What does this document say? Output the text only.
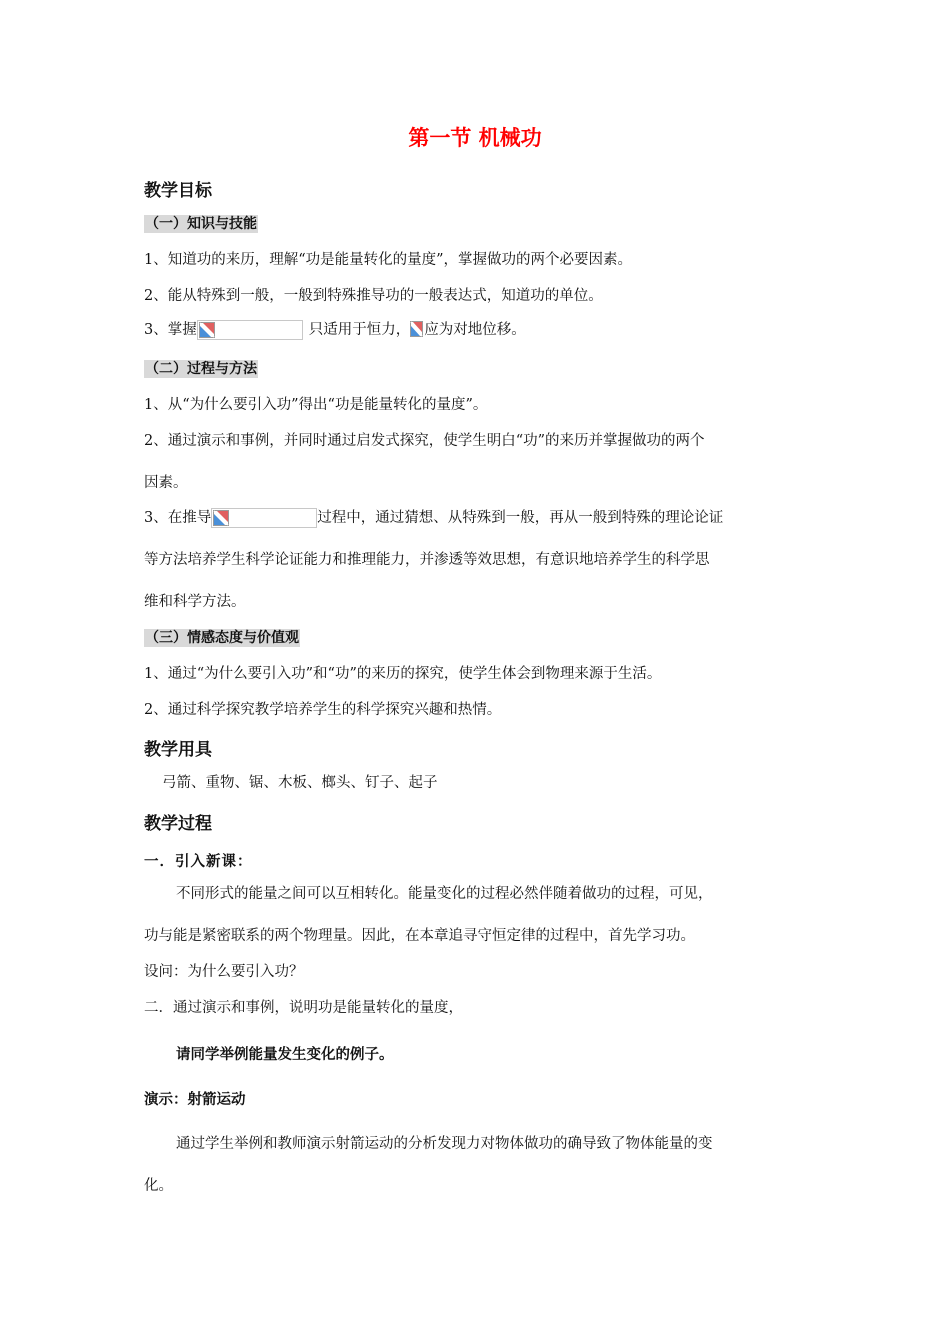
第一节 机械功
教学目标
（一）知识与技能
1、知道功的来历，理解“功是能量转化的量度”，掌握做功的两个必要因素。
2、能从特殊到一般，一般到特殊推导功的一般表达式，知道功的单位。
3、掌握	只适用于恒力， 应为对地位移。
（二）过程与方法
1、从“为什么要引入功”得出“功是能量转化的量度”。
2、通过演示和事例，并同时通过启发式探究，使学生明白“功”的来历并掌握做功的两个
因素。
3、在推导	过程中，通过猜想、从特殊到一般，再从一般到特殊的理论论证
等方法培养学生科学论证能力和推理能力，并渗透等效思想，有意识地培养学生的科学思
维和科学方法。
（三）情感态度与价值观
1、通过“为什么要引入功”和“功”的来历的探究，使学生体会到物理来源于生活。
2、通过科学探究教学培养学生的科学探究兴趣和热情。
教学用具
弓箭、重物、锯、木板、榔头、钉子、起子
教学过程
一．引入新课：
不同形式的能量之间可以互相转化。能量变化的过程必然伴随着做功的过程，可见，
功与能是紧密联系的两个物理量。因此，在本章追寻守恒定律的过程中，首先学习功。
设问：为什么要引入功？
二．通过演示和事例，说明功是能量转化的量度，
请同学举例能量发生变化的例子。
演示：射箭运动
通过学生举例和教师演示射箭运动的分析发现力对物体做功的确导致了物体能量的变
化。
